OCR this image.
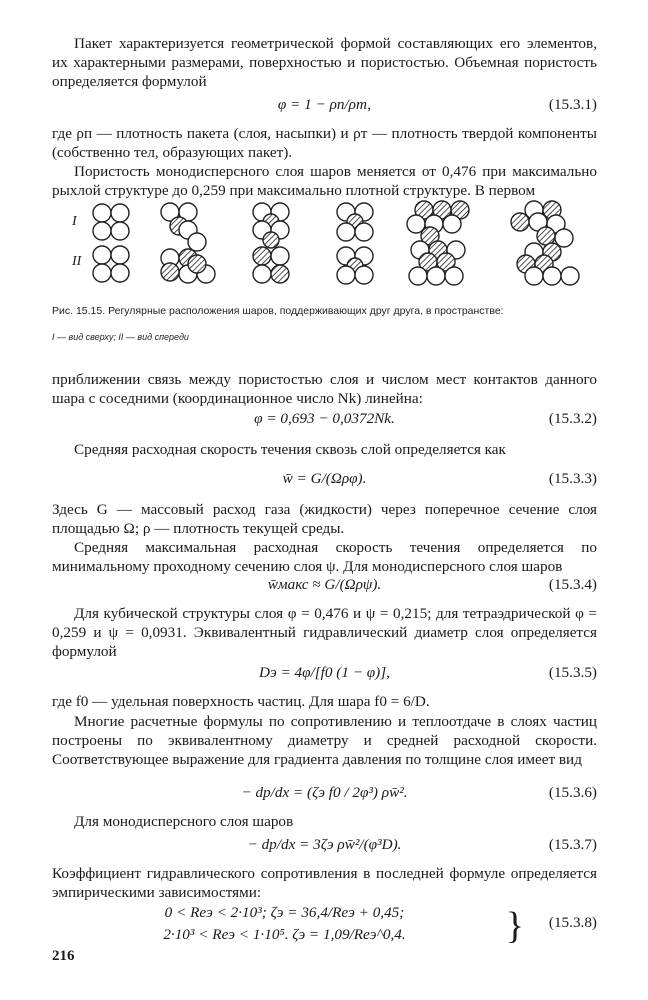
Пакет характеризуется геометрической формой составляющих его элементов, их характерными размерами, поверхностью и пористостью. Объемная пористость определяется формулой

φ = 1 − ρп/ρт,	(15.3.1)

где ρп — плотность пакета (слоя, насыпки) и ρт — плотность твердой компоненты (собственно тел, образующих пакет).

Пористость монодисперсного слоя шаров меняется от 0,476 при максимально рыхлой структуре до 0,259 при максимально плотной структуре. В первом

I
II

Рис. 15.15. Регулярные расположения шаров, поддерживающих друг друга, в пространстве:

I — вид сверху; II — вид спереди

приближении связь между пористостью слоя и числом мест контактов данного шара с соседними (координационное число Nk) линейна:

φ = 0,693 − 0,0372Nk.	(15.3.2)

Средняя расходная скорость течения сквозь слой определяется как

w̄ = G/(Ωρφ).	(15.3.3)

Здесь G — массовый расход газа (жидкости) через поперечное сечение слоя площадью Ω; ρ — плотность текущей среды.

Средняя максимальная расходная скорость течения определяется по минимальному проходному сечению слоя ψ. Для монодисперсного слоя шаров

w̄макс ≈ G/(Ωρψ).	(15.3.4)

Для кубической структуры слоя φ = 0,476 и ψ = 0,215; для тетраэдрической φ = 0,259 и ψ = 0,0931. Эквивалентный гидравлический диаметр слоя определяется формулой

Dэ = 4φ/[f0 (1 − φ)],	(15.3.5)

где f0 — удельная поверхность частиц. Для шара f0 = 6/D.

Многие расчетные формулы по сопротивлению и теплоотдаче в слоях частиц построены по эквивалентному диаметру и средней расходной скорости. Соответствующее выражение для градиента давления по толщине слоя имеет вид

− dp/dx = (ζэ f0 / 2φ³) ρw̄².	(15.3.6)

Для монодисперсного слоя шаров

− dp/dx = 3ζэ ρw̄²/(φ³D).	(15.3.7)

Коэффициент гидравлического сопротивления в последней формуле определяется эмпирическими зависимостями:

0 < Reэ < 2·10³; ζэ = 36,4/Reэ + 0,45;
(15.3.8)
2·10³ < Reэ < 1·10⁵. ζэ = 1,09/Reэ^0,4.	}
216
